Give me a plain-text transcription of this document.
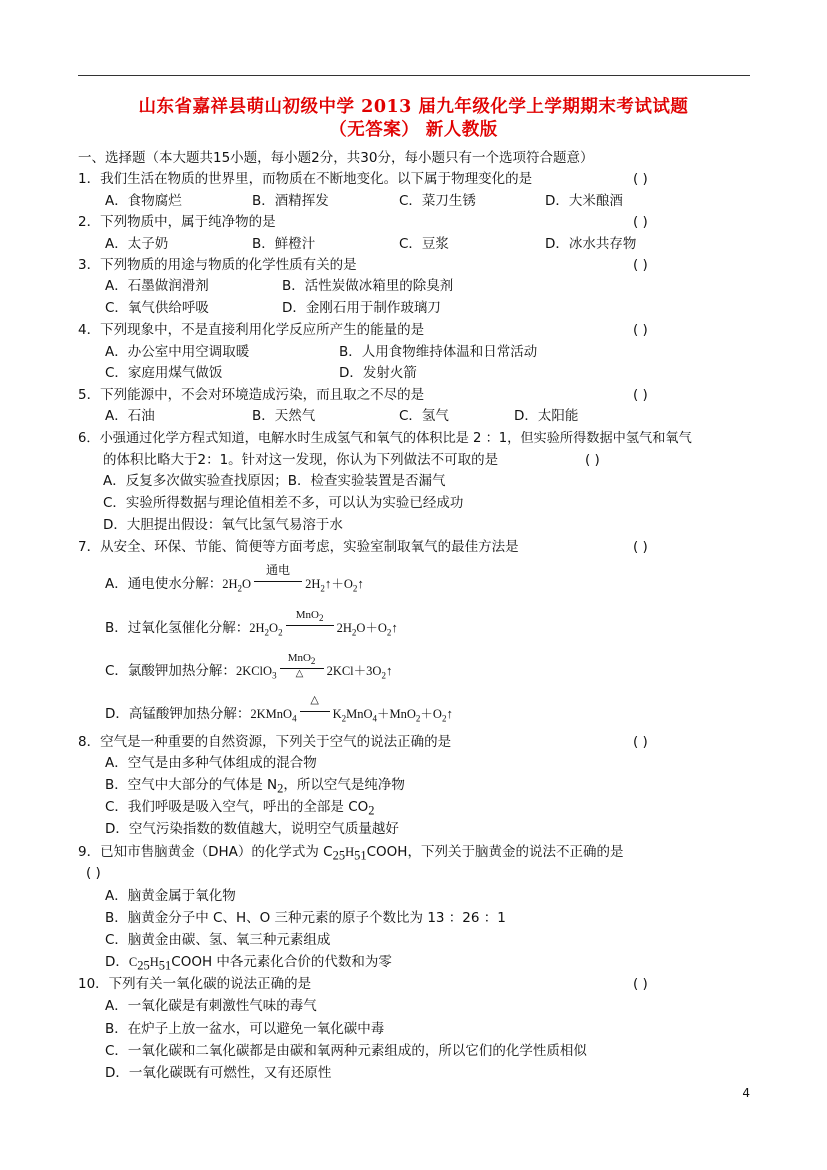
山东省嘉祥县萌山初级中学 2013 届九年级化学上学期期末考试试题
（无答案） 新人教版
一、选择题（本大题共15小题，每小题2分，共30分，每小题只有一个选项符合题意）
1．我们生活在物质的世界里，而物质在不断地变化。以下属于物理变化的是	( )
A．食物腐烂	B．酒精挥发	C．菜刀生锈	D．大米酿酒
2．下列物质中，属于纯净物的是	( )
A．太子奶	B．鲜橙汁	C．豆浆	D．冰水共存物
3．下列物质的用途与物质的化学性质有关的是	( )
A．石墨做润滑剂	B．活性炭做冰箱里的除臭剂
C．氧气供给呼吸	D．金刚石用于制作玻璃刀
4．下列现象中，不是直接利用化学反应所产生的能量的是	( )
A．办公室中用空调取暖	B．人用食物维持体温和日常活动
C．家庭用煤气做饭	D．发射火箭
5．下列能源中，不会对环境造成污染，而且取之不尽的是	( )
A．石油	B．天然气	C．氢气	D．太阳能
6．小强通过化学方程式知道，电解水时生成氢气和氧气的体积比是 2 ：1，但实验所得数据中氢气和氧气
的体积比略大于2：1。针对这一发现，你认为下列做法不可取的是	( )
A．反复多次做实验查找原因；B．检查实验装置是否漏气
C．实验所得数据与理论值相差不多，可以认为实验已经成功
D．大胆提出假设：氧气比氢气易溶于水
7．从安全、环保、节能、简便等方面考虑，实验室制取氧气的最佳方法是	( )
A．通电使水分解：$2H_2O$
通电
$2H_2↑+O_2↑$
B．过氧化氢催化分解：$2H_2O_2$
MnO$_2$
$2H_2O+O_2↑$
C．氯酸钾加热分解：2KClO$_3$
MnO$_2$
△ $2KCl+3O_2↑$
D．高锰酸钾加热分解：2KMnO$_4$
△
$K_2MnO_4+MnO_2+O_2↑$
8．空气是一种重要的自然资源，下列关于空气的说法正确的是	( )
A．空气是由多种气体组成的混合物
B．空气中大部分的气体是 $N_2$，所以空气是纯净物
C．我们呼吸是吸入空气，呼出的全部是 $CO_2$
D．空气污染指数的数值越大，说明空气质量越好
9．已知市售脑黄金（DHA）的化学式为 $C_{25}H_{51}COOH$，下列关于脑黄金的说法不正确的是
( )
A．脑黄金属于氧化物
B．脑黄金分子中 C、H、O 三种元素的原子个数比为 13 ：26 ：1
C．脑黄金由碳、氢、氧三种元素组成
D．$C_{25}H_{51}COOH$ 中各元素化合价的代数和为零
10．下列有关一氧化碳的说法正确的是	( )
A．一氧化碳是有刺激性气味的毒气
B．在炉子上放一盆水，可以避免一氧化碳中毒
C．一氧化碳和二氧化碳都是由碳和氧两种元素组成的，所以它们的化学性质相似
D．一氧化碳既有可燃性，又有还原性
4
